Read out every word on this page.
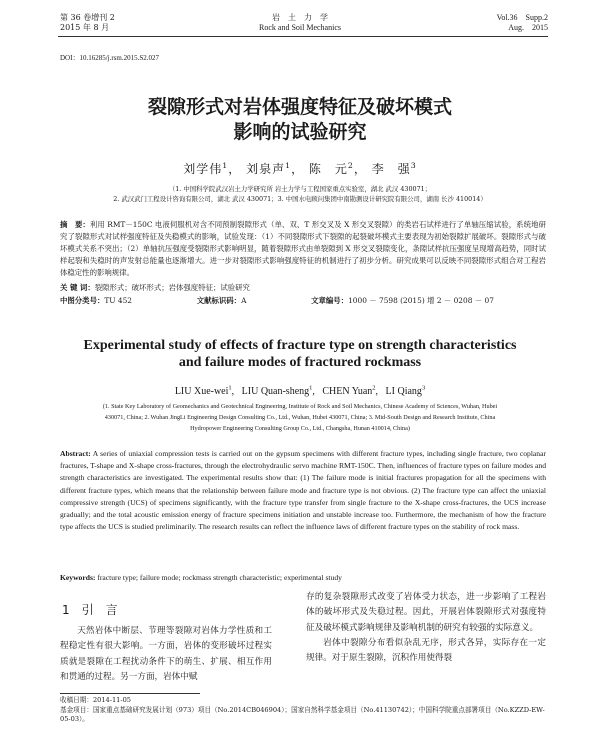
第 36 卷增刊 2
2015 年 8 月
岩　土　力　学
Rock and Soil Mechanics
Vol.36　Supp.2
Aug.　2015
DOI：10.16285/j.rsm.2015.S2.027
裂隙形式对岩体强度特征及破坏模式
影响的试验研究
刘学伟$^1$， 刘泉声$^1$， 陈　元$^2$， 李　强$^3$
（1. 中国科学院武汉岩土力学研究所 岩土力学与工程国家重点实验室，湖北 武汉 430071；
2. 武汉武门工程设计咨询有限公司，湖北 武汉 430071；3. 中国水电顾问集团中南勘测设计研究院有限公司，湖南 长沙 410014）
摘　要：利用 RMT－150C 电液伺服机对含不同预制裂隙形式（单、双、T 形交叉及 X 形交叉裂隙）的类岩石试样进行了单轴压缩试验，系统地研究了裂隙形式对试样强度特征及失稳模式的影响，试验发现：（1）不同裂隙形式下裂隙的起裂破坏模式主要表现为初始裂隙扩展破坏。裂隙形式与破坏模式关系不突出；（2）单轴抗压强度受裂隙形式影响明显，随着裂隙形式由单裂隙到 X 形交叉裂隙变化，条隙试样抗压强度呈现增高趋势，同时试样起裂和失稳时的声发射总能量也逐渐增大。进一步对裂隙形式影响强度特征的机制进行了初步分析。研究成果可以反映不同裂隙形式组合对工程岩体稳定性的影响规律。
关 键 词：裂隙形式；破坏形式；岩体强度特征；试验研究
中图分类号：TU 452	文献标识码：A	文章编号：1000 － 7598 (2015) 增 2 － 0208 － 07
Experimental study of effects of fracture type on strength characteristics
and failure modes of fractured rockmass
LIU Xue-wei$^1$,   LIU Quan-sheng$^1$,   CHEN Yuan$^2$,   LI Qiang$^3$
(1. State Key Laboratory of Geomechanics and Geotechnical Engineering, Institute of Rock and Soil Mechanics, Chinese Academy of Sciences, Wuhan, Hubei
430071, China; 2. Wuhan JingLi Engineering Design Consulting Co., Ltd., Wuhan, Hubei 430071, China; 3. Mid-South Design and Research Institute, China
Hydropower Engineering Consulting Group Co., Ltd., Changsha, Hunan 410014, China)
Abstract: A series of uniaxial compression tests is carried out on the gypsum specimens with different fracture types, including single fracture, two coplanar fractures, T-shape and X-shape cross-fractures, through the electrohydraulic servo machine RMT-150C. Then, influences of fracture types on failure modes and strength characteristics are investigated. The experimental results show that: (1) The failure mode is initial fractures propagation for all the specimens with different fracture types, which means that the relationship between failure mode and fracture type is not obvious. (2) The fracture type can affect the uniaxial compressive strength (UCS) of specimens significantly, with the fracture type transfer from single fracture to the X-shape cross-fractures, the UCS increase gradually; and the total acoustic emission energy of fracture specimens initiation and unstable increase too. Furthermore, the mechanism of how the fracture type affects the UCS is studied preliminarily. The research results can reflect the influence laws of different fracture types on the stability of rock mass.
Keywords: fracture type; failure mode; rockmass strength characteristic; experimental study
1　引　言
天然岩体中断层、节理等裂隙对岩体力学性质和工程稳定性有很大影响。一方面，岩体的变形破坏过程实质就是裂隙在工程扰动条件下的萌生、扩展、相互作用和贯通的过程。另一方面，岩体中赋
存的复杂裂隙形式改变了岩体受力状态，进一步影响了工程岩体的破坏形式及失稳过程。因此，开展岩体裂隙形式对强度特征及破坏模式影响规律及影响机制的研究有较强的实际意义。
岩体中裂隙分布看似杂乱无序，形式各异，实际存在一定规律。对于原生裂隙，沉积作用使得裂
收稿日期：2014-11-05
基金项目：国家重点基础研究发展计划（973）项目（No.2014CB046904）；国家自然科学基金项目（No.41130742）；中国科学院重点部署项目（No.KZZD-EW-05-03）。
